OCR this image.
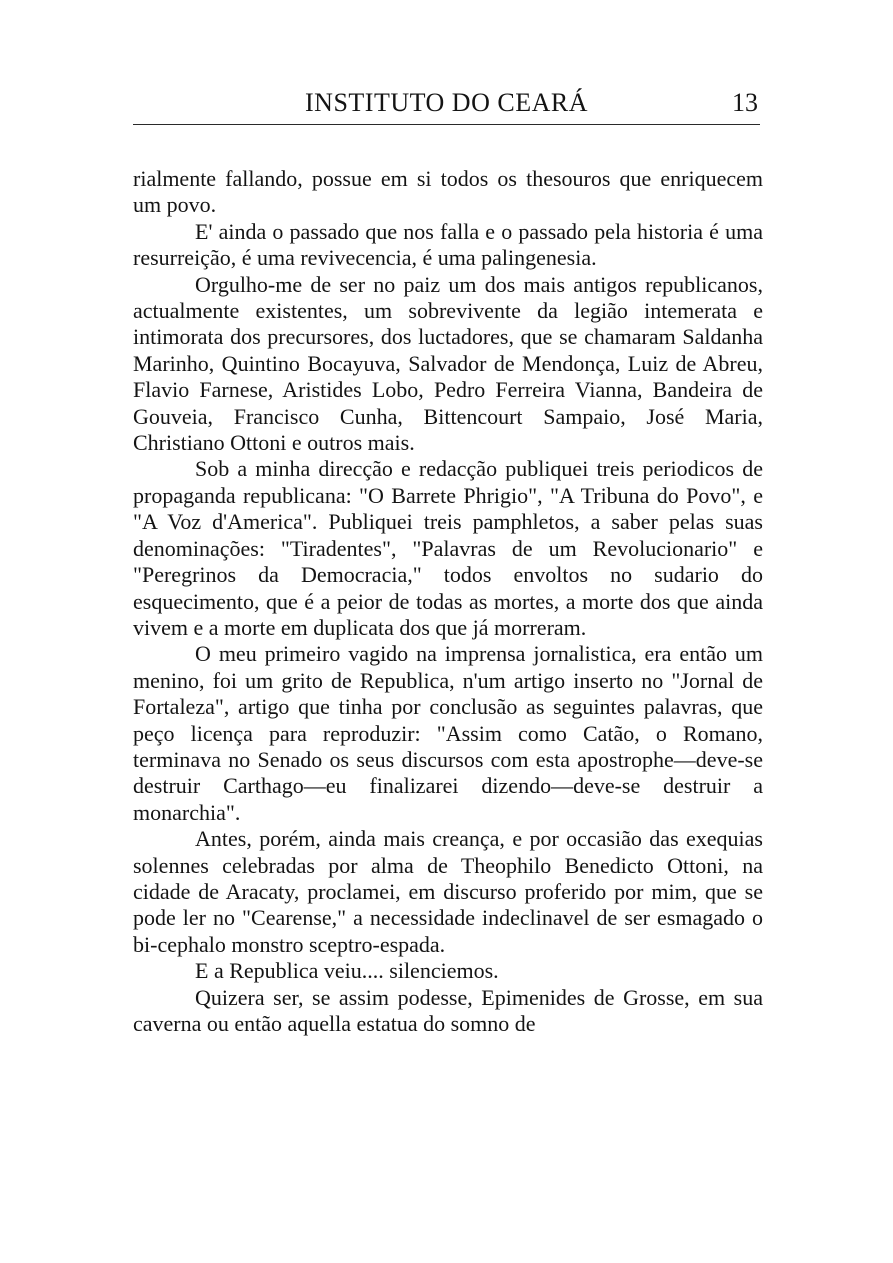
INSTITUTO DO CEARÁ	13

rialmente fallando, possue em si todos os thesouros que enriquecem um povo.

E' ainda o passado que nos falla e o passado pela historia é uma resurreição, é uma revivecencia, é uma palingenesia.

Orgulho-me de ser no paiz um dos mais antigos republicanos, actualmente existentes, um sobrevivente da legião intemerata e intimorata dos precursores, dos luctadores, que se chamaram Saldanha Marinho, Quintino Bocayuva, Salvador de Mendonça, Luiz de Abreu, Flavio Farnese, Aristides Lobo, Pedro Ferreira Vianna, Bandeira de Gouveia, Francisco Cunha, Bittencourt Sampaio, José Maria, Christiano Ottoni e outros mais.

Sob a minha direcção e redacção publiquei treis periodicos de propaganda republicana: "O Barrete Phrigio", "A Tribuna do Povo", e "A Voz d'America". Publiquei treis pamphletos, a saber pelas suas denominações: "Tiradentes", "Palavras de um Revolucionario" e "Peregrinos da Democracia," todos envoltos no sudario do esquecimento, que é a peior de todas as mortes, a morte dos que ainda vivem e a morte em duplicata dos que já morreram.

O meu primeiro vagido na imprensa jornalistica, era então um menino, foi um grito de Republica, n'um artigo inserto no "Jornal de Fortaleza", artigo que tinha por conclusão as seguintes palavras, que peço licença para reproduzir: "Assim como Catão, o Romano, terminava no Senado os seus discursos com esta apostrophe—deve-se destruir Carthago—eu finalizarei dizendo—deve-se destruir a monarchia".

Antes, porém, ainda mais creança, e por occasião das exequias solennes celebradas por alma de Theophilo Benedicto Ottoni, na cidade de Aracaty, proclamei, em discurso proferido por mim, que se pode ler no "Cearense," a necessidade indeclinavel de ser esmagado o bi-cephalo monstro sceptro-espada.

E a Republica veiu.... silenciemos.

Quizera ser, se assim podesse, Epimenides de Grosse, em sua caverna ou então aquella estatua do somno de
